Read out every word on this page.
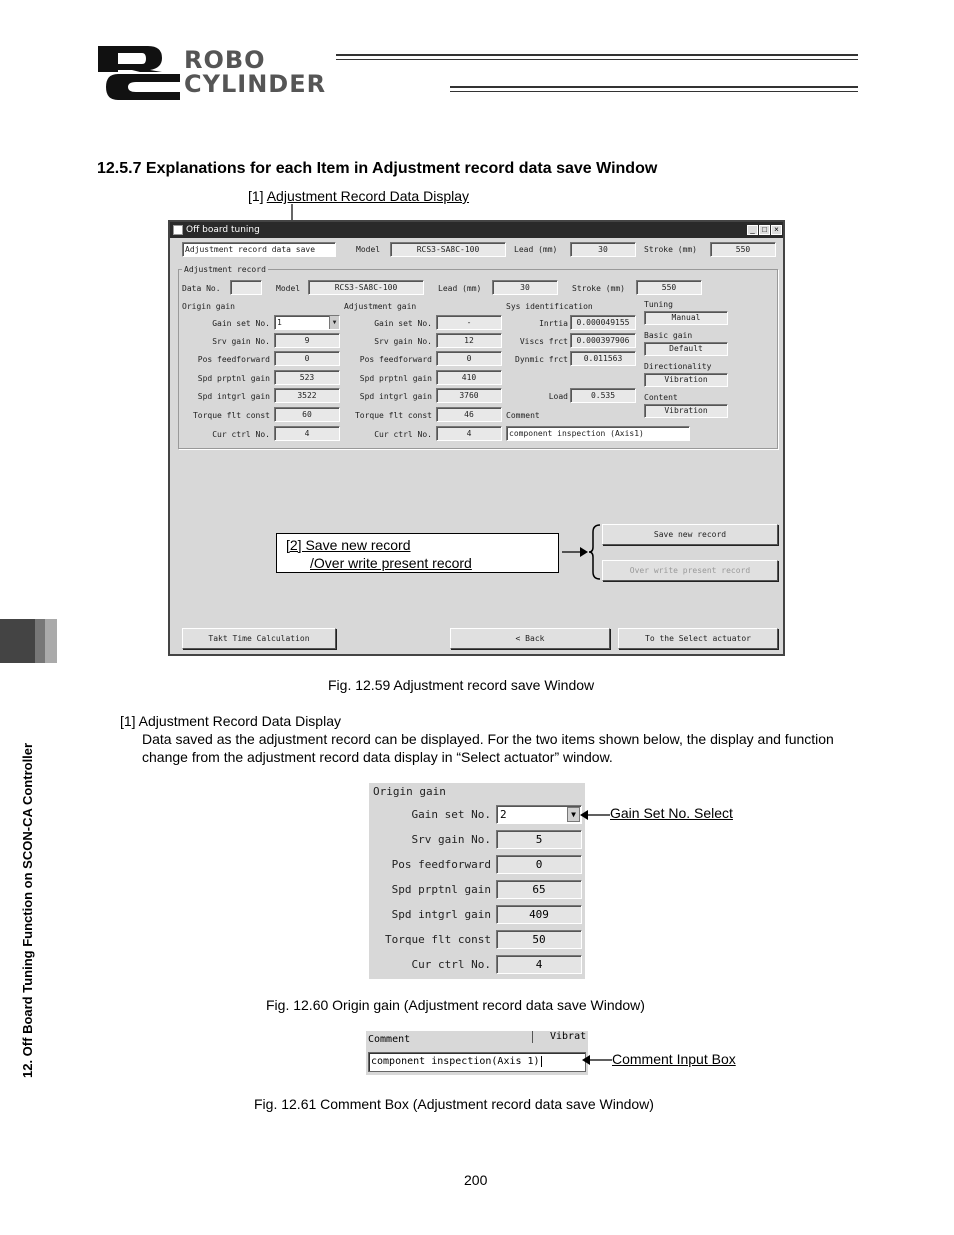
ROBO
CYLINDER
12.5.7 Explanations for each Item in Adjustment record data save Window
[1] Adjustment Record Data Display
Off board tuning	_ □ ×
Adjustment record data save	Model	RCS3-SA8C-100	Lead (mm)	30	Stroke (mm)	550
Adjustment record
Data No.	Model	RCS3-SA8C-100	Lead (mm)	30	Stroke (mm)	550
Origin gain	Adjustment gain	Sys identification
Gain set No. 1	▼
Srv gain No.	9
Pos feedforward	0
Spd prptnl gain	523
Spd intgrl gain	3522
Torque flt const	60
Cur ctrl No.	4
Gain set No.	-
Srv gain No.	12
Pos feedforward	0
Spd prptnl gain	410
Spd intgrl gain	3760
Torque flt const	46
Cur ctrl No.	4
Inrtia	0.000049155
Viscs frct	0.000397906
Dynmic frct	0.011563
Load	0.535
Comment
component inspection (Axis1)
Tuning
Manual
Basic gain
Default
Directionality
Vibration
Content
Vibration
Save new record
Over write present record
Takt Time Calculation	< Back	To the Select actuator
[2] Save new record
/Over write present record
Fig. 12.59 Adjustment record save Window
[1] Adjustment Record Data Display
Data saved as the adjustment record can be displayed. For the two items shown below, the display and function change from the adjustment record data display in “Select actuator” window.
Origin gain
Gain set No. 2	▼
Srv gain No.	5
Pos feedforward	0
Spd prptnl gain	65
Spd intgrl gain	409
Torque flt const	50
Cur ctrl No.	4
Gain Set No. Select
Fig. 12.60 Origin gain (Adjustment record data save Window)
Comment	Vibrat
component inspection(Axis 1)	Comment Input Box
Fig. 12.61 Comment Box (Adjustment record data save Window)
12. Off Board Tuning Function on SCON-CA Controller
200
